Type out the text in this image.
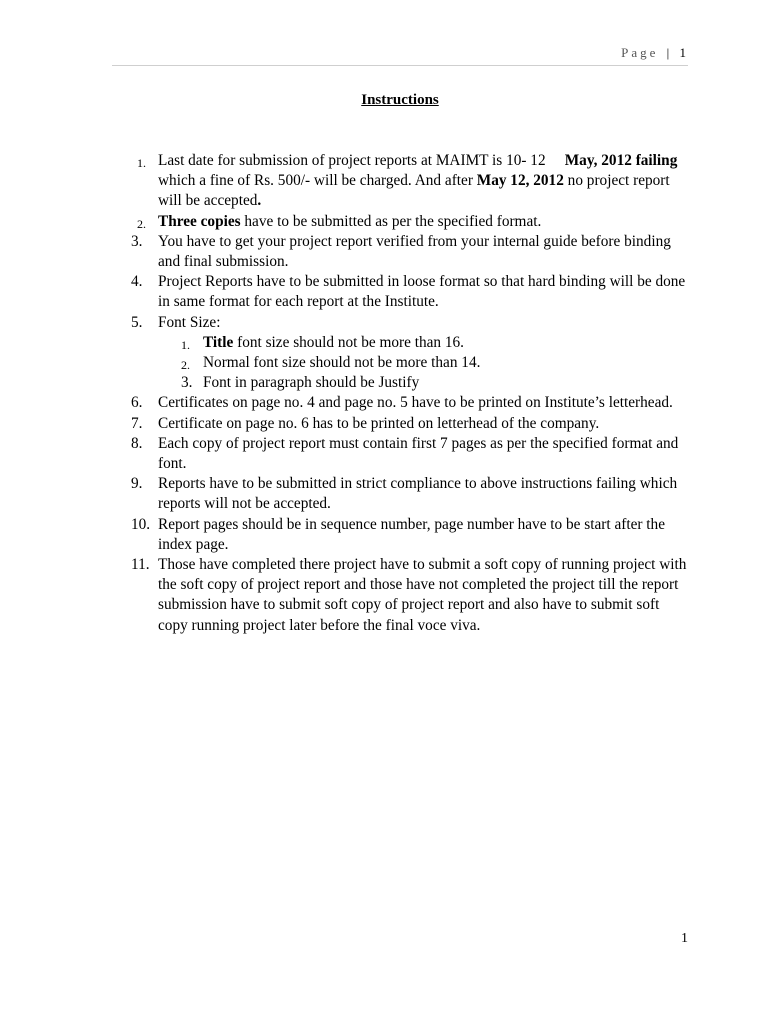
Page | 1
Instructions
1. Last date for submission of project reports at MAIMT is 10- 12 May, 2012 failing which a fine of Rs. 500/- will be charged. And after May 12, 2012 no project report will be accepted.
2. Three copies have to be submitted as per the specified format.
3. You have to get your project report verified from your internal guide before binding and final submission.
4. Project Reports have to be submitted in loose format so that hard binding will be done in same format for each report at the Institute.
5. Font Size:
1. Title font size should not be more than 16.
2. Normal font size should not be more than 14.
3. Font in paragraph should be Justify
6. Certificates on page no. 4 and page no. 5 have to be printed on Institute’s letterhead.
7. Certificate on page no. 6 has to be printed on letterhead of the company.
8. Each copy of project report must contain first 7 pages as per the specified format and font.
9. Reports have to be submitted in strict compliance to above instructions failing which reports will not be accepted.
10. Report pages should be in sequence number, page number have to be start after the index page.
11. Those have completed there project have to submit a soft copy of running project with the soft copy of project report and those have not completed the project till the report submission have to submit soft copy of project report and also have to submit soft copy running project later before the final voce viva.
1
